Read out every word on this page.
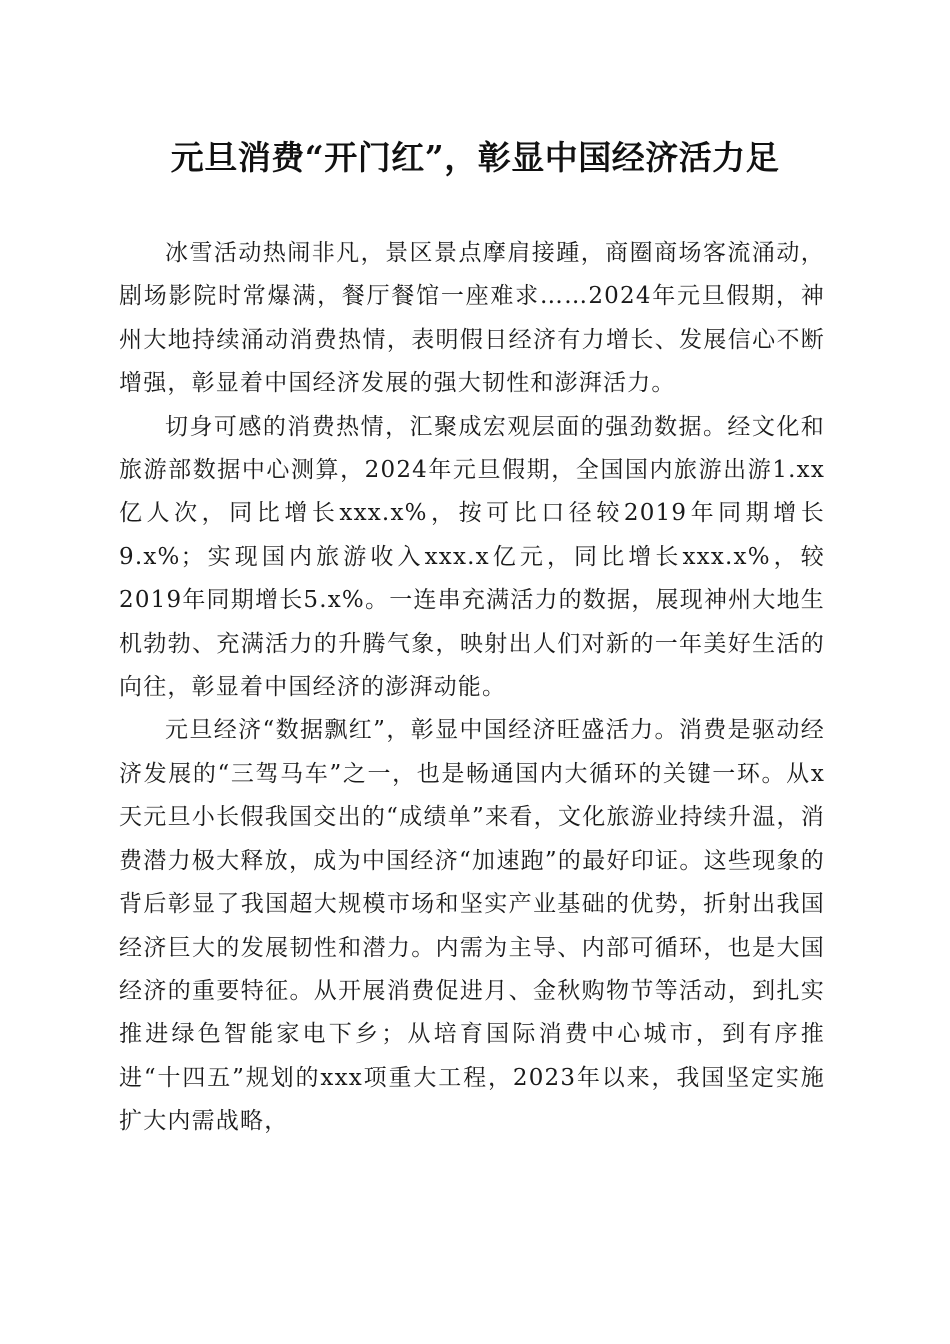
元旦消费“开门红”，彰显中国经济活力足

冰雪活动热闹非凡，景区景点摩肩接踵，商圈商场客流涌动，剧场影院时常爆满，餐厅餐馆一座难求……2024年元旦假期，神州大地持续涌动消费热情，表明假日经济有力增长、发展信心不断增强，彰显着中国经济发展的强大韧性和澎湃活力。

切身可感的消费热情，汇聚成宏观层面的强劲数据。经文化和旅游部数据中心测算，2024年元旦假期，全国国内旅游出游1.xx亿人次，同比增长xxx.x%，按可比口径较2019年同期增长9.x%；实现国内旅游收入xxx.x亿元，同比增长xxx.x%，较2019年同期增长5.x%。一连串充满活力的数据，展现神州大地生机勃勃、充满活力的升腾气象，映射出人们对新的一年美好生活的向往，彰显着中国经济的澎湃动能。

元旦经济“数据飘红”，彰显中国经济旺盛活力。消费是驱动经济发展的“三驾马车”之一，也是畅通国内大循环的关键一环。从x天元旦小长假我国交出的“成绩单”来看，文化旅游业持续升温，消费潜力极大释放，成为中国经济“加速跑”的最好印证。这些现象的背后彰显了我国超大规模市场和坚实产业基础的优势，折射出我国经济巨大的发展韧性和潜力。内需为主导、内部可循环，也是大国经济的重要特征。从开展消费促进月、金秋购物节等活动，到扎实推进绿色智能家电下乡；从培育国际消费中心城市，到有序推进“十四五”规划的xxx项重大工程，2023年以来，我国坚定实施扩大内需战略，
